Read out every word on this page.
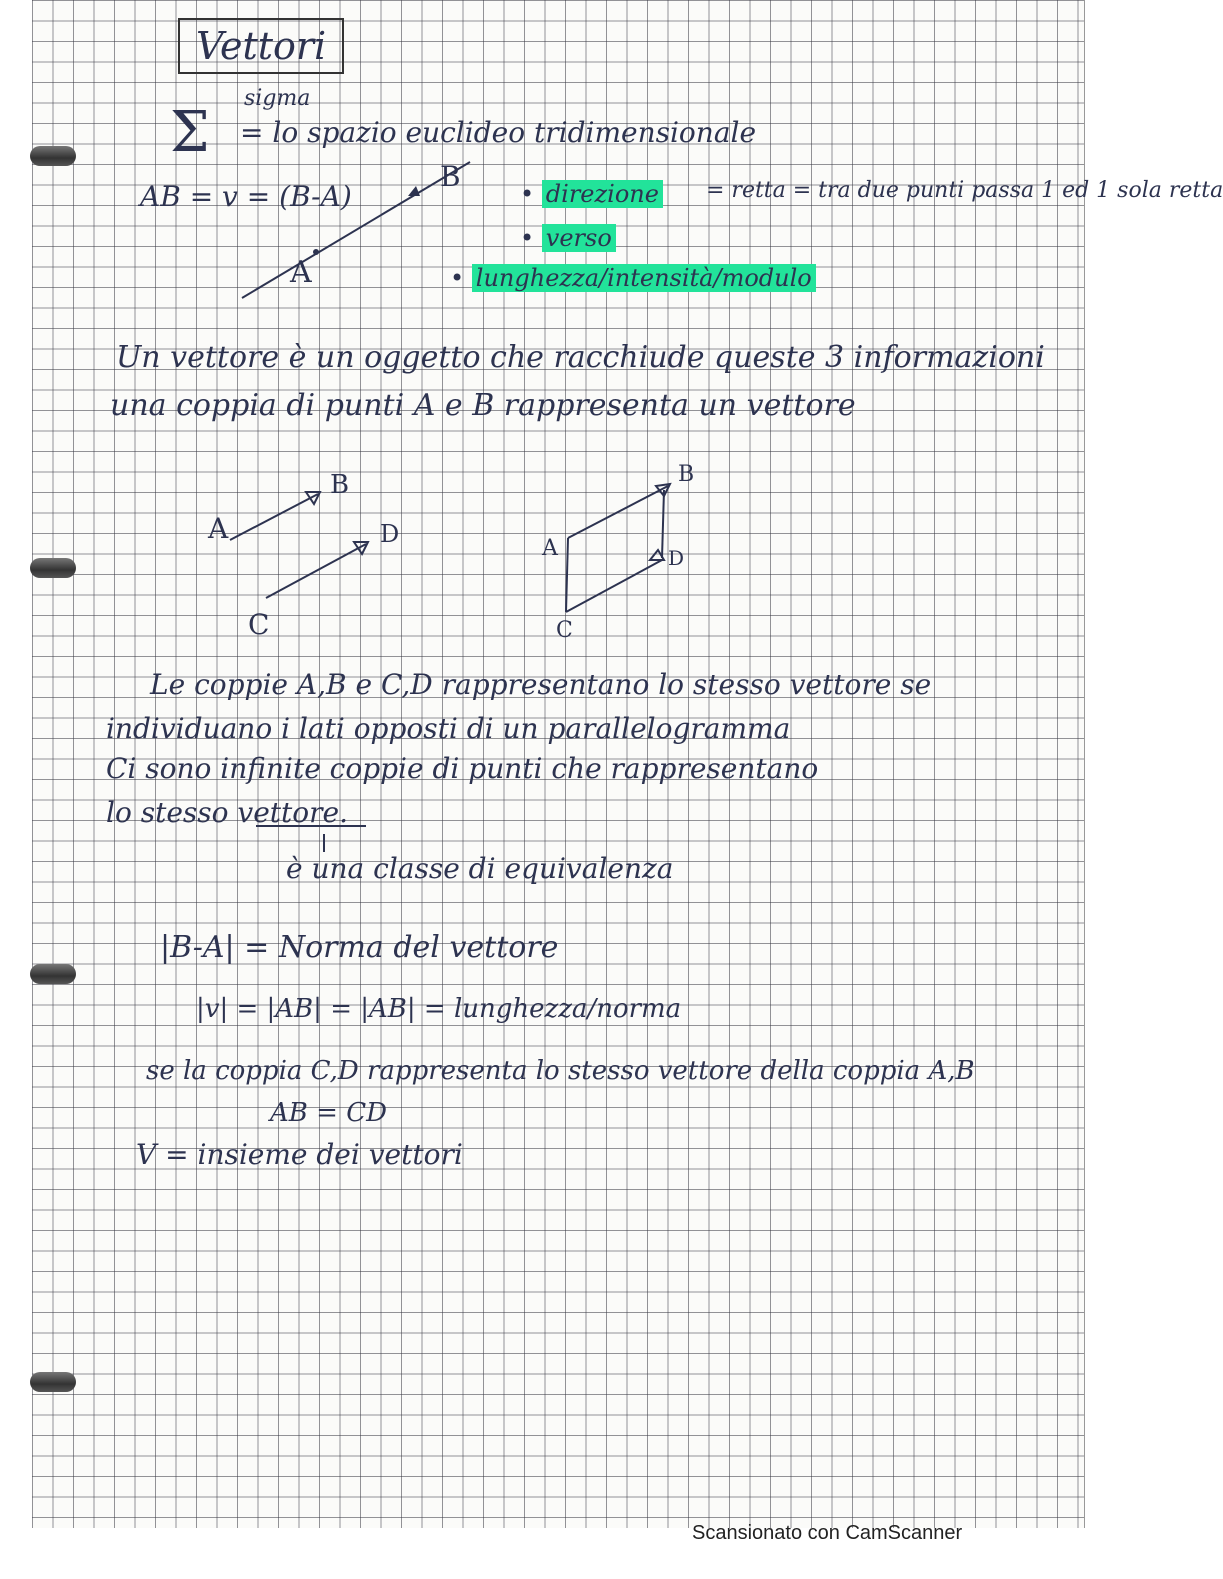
Vettori
Σ
sigma
= lo spazio euclideo tridimensionale
AB = v = (B-A)
A
B
• direzione = retta = tra due punti passa 1 ed 1 sola retta
• verso
• lunghezza/intensità/modulo
Un vettore è un oggetto che racchiude queste 3 informazioni
una coppia di punti A e B rappresenta un vettore
A
B
C
D
A
B
C
D
Le coppie A,B e C,D rappresentano lo stesso vettore se
individuano i lati opposti di un parallelogramma
Ci sono infinite coppie di punti che rappresentano
lo stesso vettore.
è una classe di equivalenza
|B-A| = Norma del vettore
|v| = |AB| = |AB| = lunghezza/norma
se la coppia C,D rappresenta lo stesso vettore della coppia A,B
AB = CD
V = insieme dei vettori
Scansionato con CamScanner
